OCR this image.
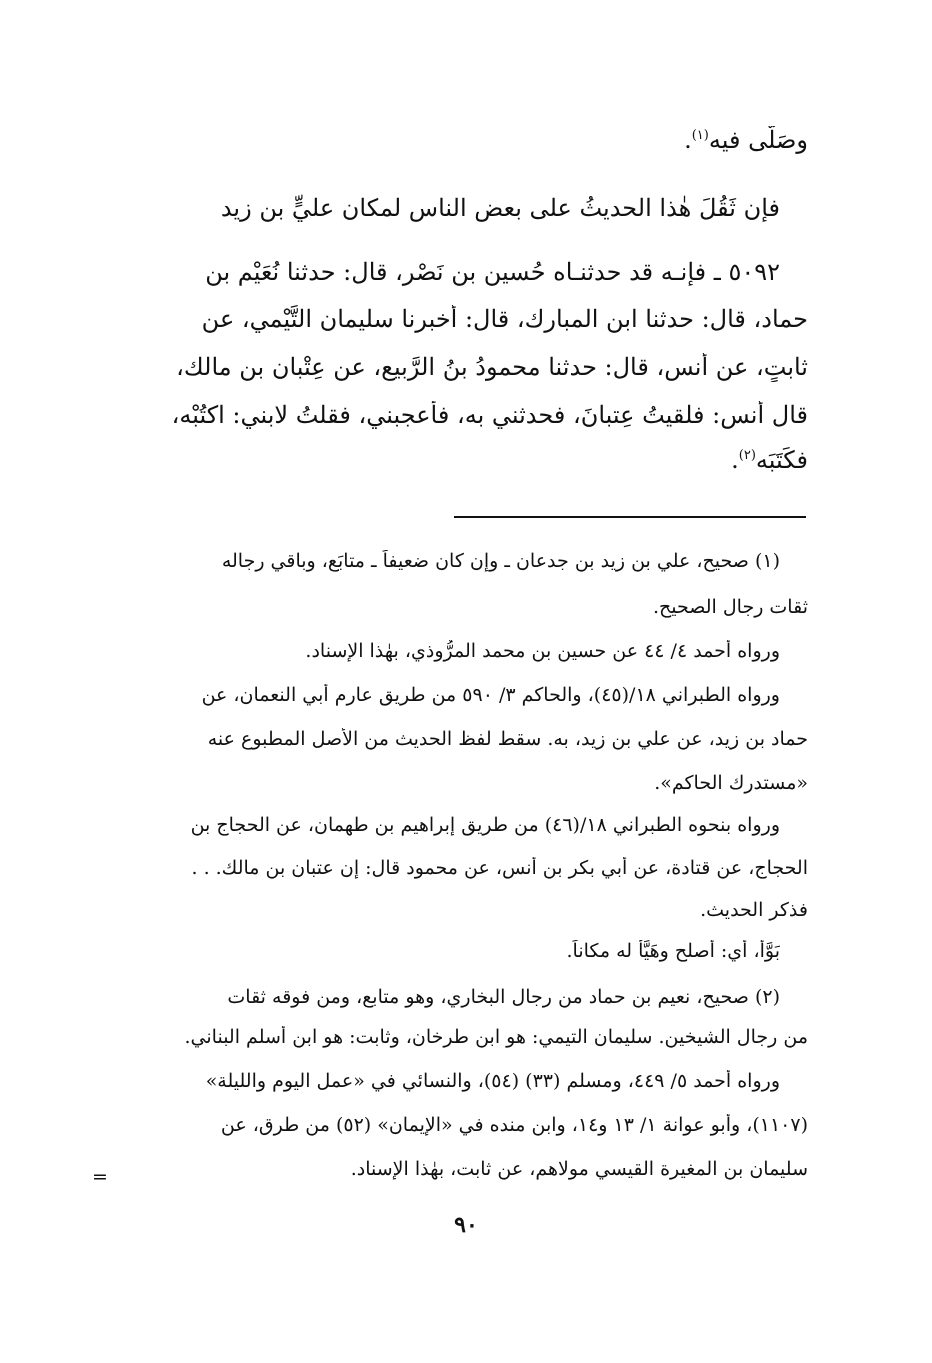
وصَلَّى فيه$^{(١)}$.
فإن ثَقُلَ هٰذا الحديثُ على بعض الناس لمكان عليٍّ بن زيد
٥٠٩٢ ـ فإنـه قد حدثنـاه حُسين بن نَصْر، قال: حدثنا نُعَيْم بن
حماد، قال: حدثنا ابن المبارك، قال: أخبرنا سليمان التَّيْمي، عن
ثابتٍ، عن أنس، قال: حدثنا محمودُ بنُ الرَّبيع، عن عِتْبان بن مالك،
قال أنس: فلقيتُ عِتبانَ، فحدثني به، فأعجبني، فقلتُ لابني: اكتُبْه،
فكَتَبَه$^{(٢)}$.
(١) صحيح، علي بن زيد بن جدعان ـ وإن كان ضعيفاً ـ متابَع، وباقي رجاله
ثقات رجال الصحيح.
ورواه أحمد ٤/ ٤٤ عن حسين بن محمد المرُّوذي، بهٰذا الإسناد.
ورواه الطبراني ١٨/(٤٥)، والحاكم ٣/ ٥٩٠ من طريق عارم أبي النعمان، عن
حماد بن زيد، عن علي بن زيد، به. سقط لفظ الحديث من الأصل المطبوع عنه
«مستدرك الحاكم».
ورواه بنحوه الطبراني ١٨/(٤٦) من طريق إبراهيم بن طهمان، عن الحجاج بن
الحجاج، عن قتادة، عن أبي بكر بن أنس، عن محمود قال: إن عتبان بن مالك. . .
فذكر الحديث.
بَوَّأ، أي: أصلح وهَيَّأ له مكاناً.
(٢) صحيح، نعيم بن حماد من رجال البخاري، وهو متابع، ومن فوقه ثقات
من رجال الشيخين. سليمان التيمي: هو ابن طرخان، وثابت: هو ابن أسلم البناني.
ورواه أحمد ٥/ ٤٤٩، ومسلم (٣٣) (٥٤)، والنسائي في «عمل اليوم والليلة»
(١١٠٧)، وأبو عوانة ١/ ١٣ و١٤، وابن منده في «الإيمان» (٥٢) من طرق، عن
سليمان بن المغيرة القيسي مولاهم، عن ثابت، بهٰذا الإسناد.
=
٩٠
